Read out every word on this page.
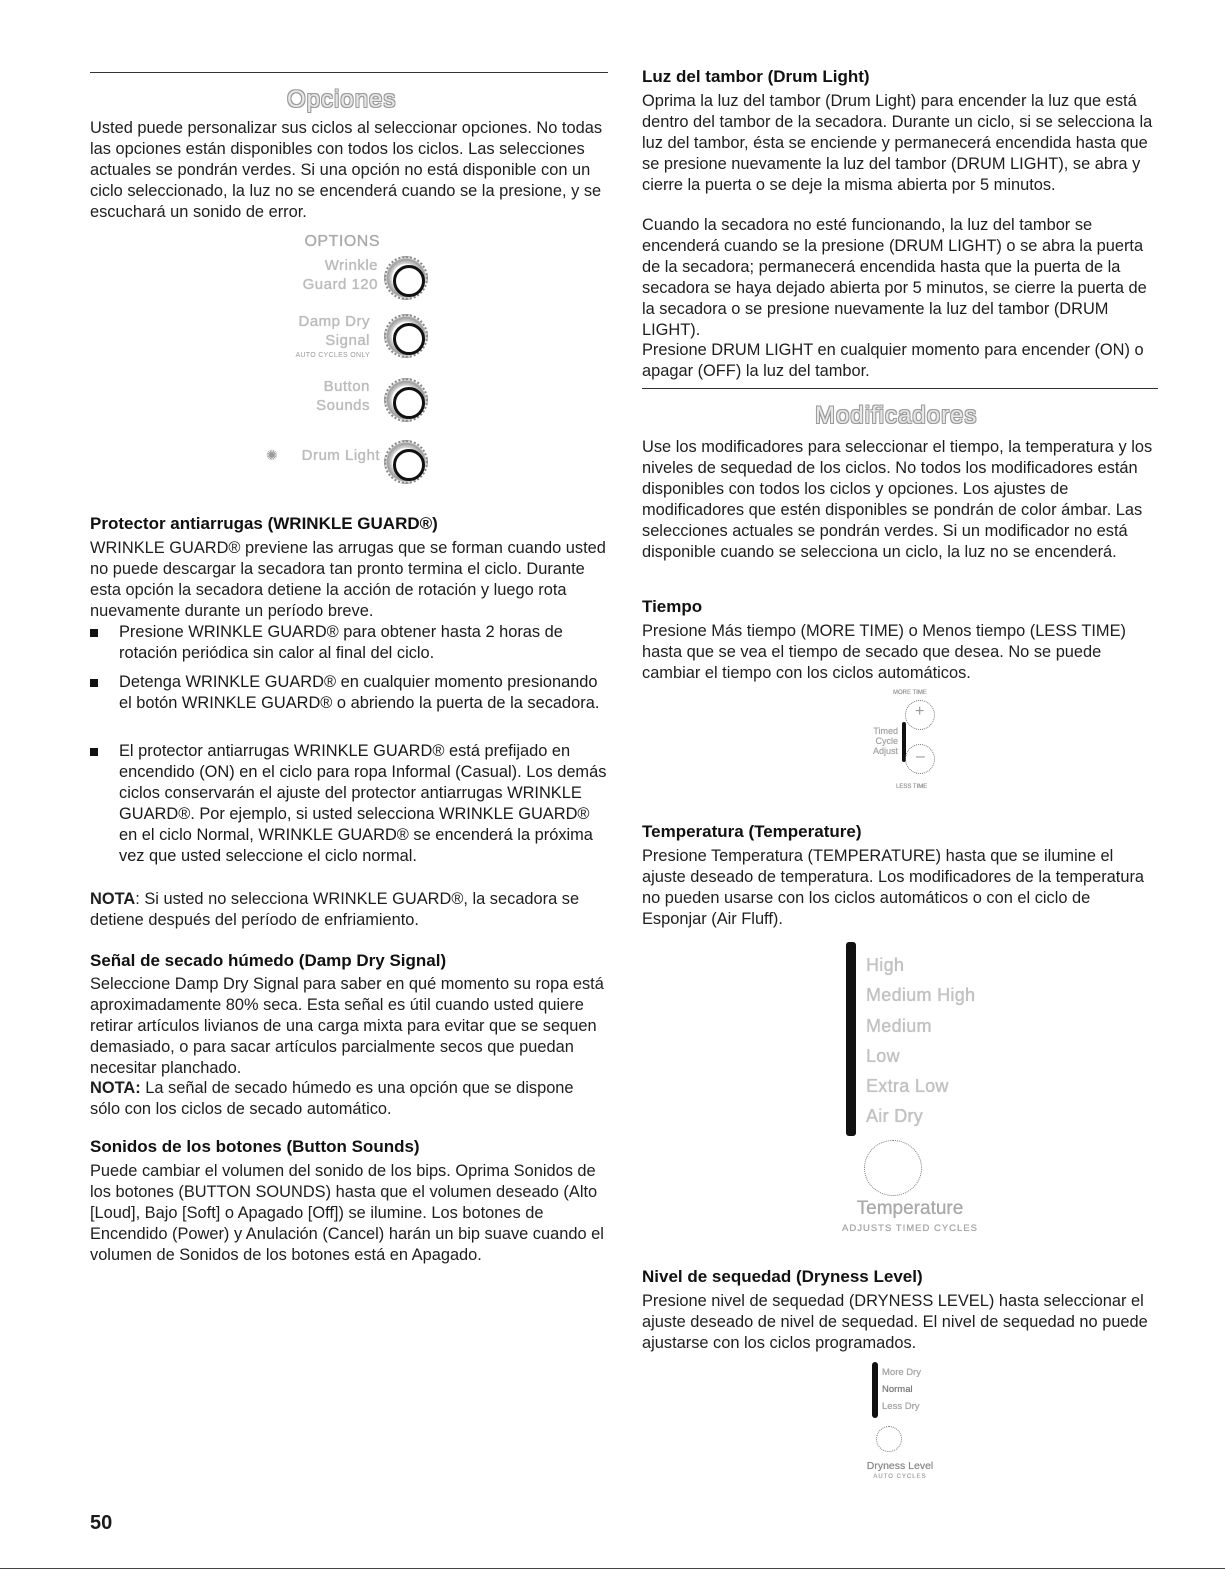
Opciones
Usted puede personalizar sus ciclos al seleccionar opciones. No todas las opciones están disponibles con todos los ciclos. Las selecciones actuales se pondrán verdes. Si una opción no está disponible con un ciclo seleccionado, la luz no se encenderá cuando se la presione, y se escuchará un sonido de error.
OPTIONS
Wrinkle
Guard 120
Damp Dry
Signal
AUTO CYCLES ONLY
Button
Sounds
✺	Drum Light
Protector antiarrugas (WRINKLE GUARD®)
WRINKLE GUARD® previene las arrugas que se forman cuando usted no puede descargar la secadora tan pronto termina el ciclo. Durante esta opción la secadora detiene la acción de rotación y luego rota nuevamente durante un período breve.
Presione WRINKLE GUARD® para obtener hasta 2 horas de rotación periódica sin calor al final del ciclo.
Detenga WRINKLE GUARD® en cualquier momento presionando el botón WRINKLE GUARD® o abriendo la puerta de la secadora.
El protector antiarrugas WRINKLE GUARD® está prefijado en encendido (ON) en el ciclo para ropa Informal (Casual). Los demás ciclos conservarán el ajuste del protector antiarrugas WRINKLE GUARD®. Por ejemplo, si usted selecciona WRINKLE GUARD® en el ciclo Normal, WRINKLE GUARD® se encenderá la próxima vez que usted seleccione el ciclo normal.
NOTA: Si usted no selecciona WRINKLE GUARD®, la secadora se detiene después del período de enfriamiento.
Señal de secado húmedo (Damp Dry Signal)
Seleccione Damp Dry Signal para saber en qué momento su ropa está aproximadamente 80% seca. Esta señal es útil cuando usted quiere retirar artículos livianos de una carga mixta para evitar que se sequen demasiado, o para sacar artículos parcialmente secos que puedan necesitar planchado.
NOTA: La señal de secado húmedo es una opción que se dispone sólo con los ciclos de secado automático.
Sonidos de los botones (Button Sounds)
Puede cambiar el volumen del sonido de los bips. Oprima Sonidos de los botones (BUTTON SOUNDS) hasta que el volumen deseado (Alto [Loud], Bajo [Soft] o Apagado [Off]) se ilumine. Los botones de Encendido (Power) y Anulación (Cancel) harán un bip suave cuando el volumen de Sonidos de los botones está en Apagado.
Luz del tambor (Drum Light)
Oprima la luz del tambor (Drum Light) para encender la luz que está dentro del tambor de la secadora. Durante un ciclo, si se selecciona la luz del tambor, ésta se enciende y permanecerá encendida hasta que se presione nuevamente la luz del tambor (DRUM LIGHT), se abra y cierre la puerta o se deje la misma abierta por 5 minutos.
Cuando la secadora no esté funcionando, la luz del tambor se encenderá cuando se la presione (DRUM LIGHT) o se abra la puerta de la secadora; permanecerá encendida hasta que la puerta de la secadora se haya dejado abierta por 5 minutos, se cierre la puerta de la secadora o se presione nuevamente la luz del tambor (DRUM LIGHT).
Presione DRUM LIGHT en cualquier momento para encender (ON) o apagar (OFF) la luz del tambor.
Modificadores
Use los modificadores para seleccionar el tiempo, la temperatura y los niveles de sequedad de los ciclos. No todos los modificadores están disponibles con todos los ciclos y opciones. Los ajustes de modificadores que estén disponibles se pondrán de color ámbar. Las selecciones actuales se pondrán verdes. Si un modificador no está disponible cuando se selecciona un ciclo, la luz no se encenderá.
Tiempo
Presione Más tiempo (MORE TIME) o Menos tiempo (LESS TIME) hasta que se vea el tiempo de secado que desea. No se puede cambiar el tiempo con los ciclos automáticos.
MORE TIME
+
Timed
Cycle
Adjust –
LESS TIME
Temperatura (Temperature)
Presione Temperatura (TEMPERATURE) hasta que se ilumine el ajuste deseado de temperatura. Los modificadores de la temperatura no pueden usarse con los ciclos automáticos o con el ciclo de Esponjar (Air Fluff).
High
Medium High
Medium
Low
Extra Low
Air Dry
Temperature
ADJUSTS TIMED CYCLES
Nivel de sequedad (Dryness Level)
Presione nivel de sequedad (DRYNESS LEVEL) hasta seleccionar el ajuste deseado de nivel de sequedad. El nivel de sequedad no puede ajustarse con los ciclos programados.
More Dry
Normal
Less Dry
Dryness Level
AUTO CYCLES
50
